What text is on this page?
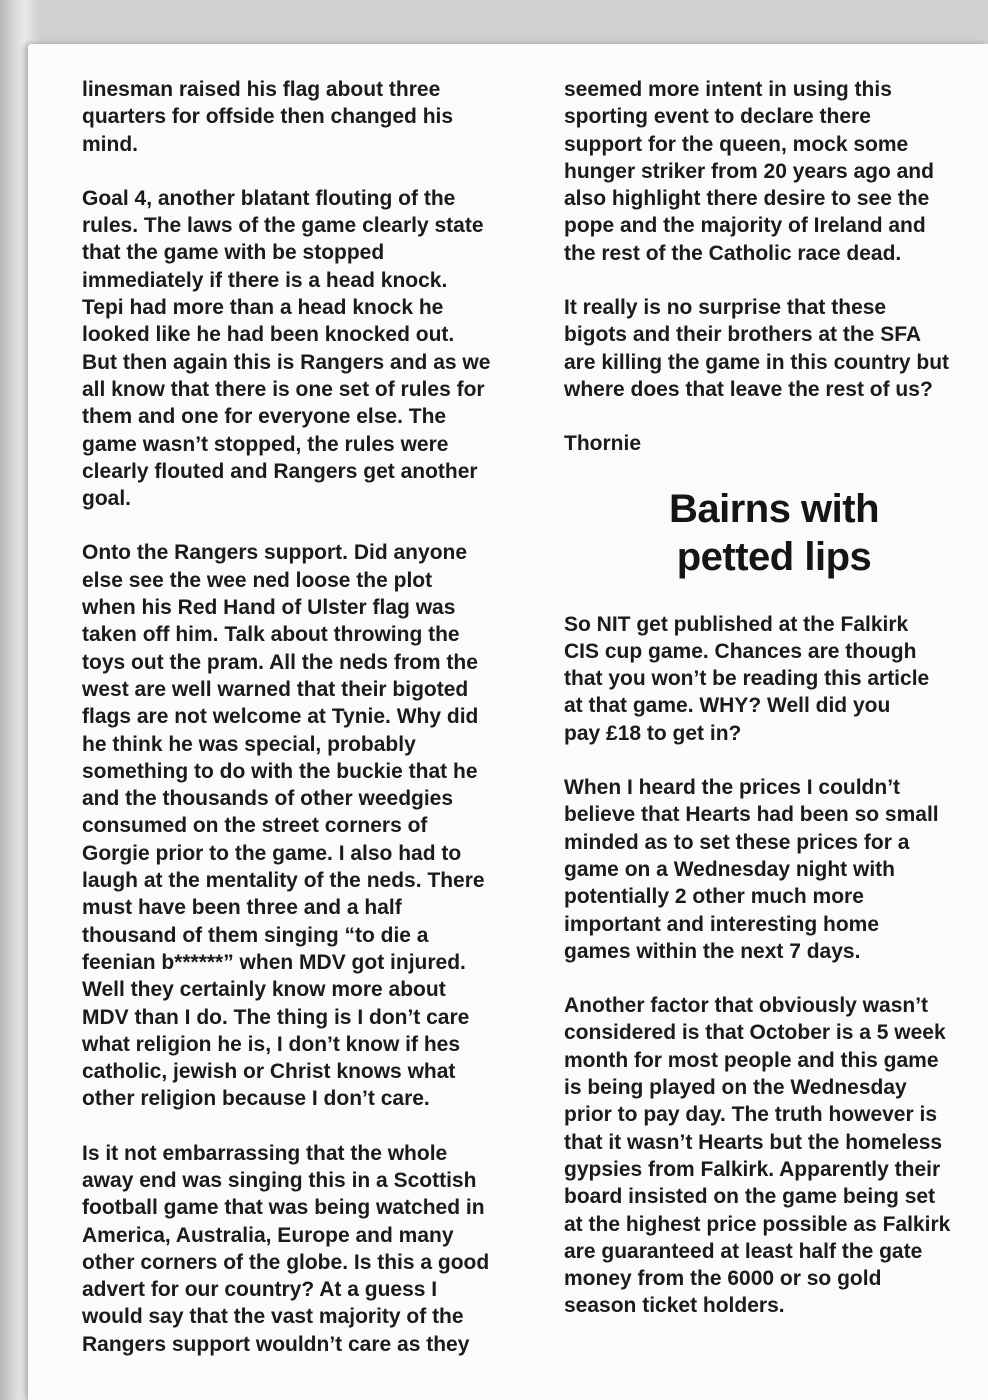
linesman raised his flag about three
quarters for offside then changed his
mind.

Goal 4, another blatant flouting of the
rules. The laws of the game clearly state
that the game with be stopped
immediately if there is a head knock.
Tepi had more than a head knock he
looked like he had been knocked out.
But then again this is Rangers and as we
all know that there is one set of rules for
them and one for everyone else. The
game wasn’t stopped, the rules were
clearly flouted and Rangers get another
goal.

Onto the Rangers support. Did anyone
else see the wee ned loose the plot
when his Red Hand of Ulster flag was
taken off him. Talk about throwing the
toys out the pram. All the neds from the
west are well warned that their bigoted
flags are not welcome at Tynie. Why did
he think he was special, probably
something to do with the buckie that he
and the thousands of other weedgies
consumed on the street corners of
Gorgie prior to the game. I also had to
laugh at the mentality of the neds. There
must have been three and a half
thousand of them singing “to die a
feenian b******” when MDV got injured.
Well they certainly know more about
MDV than I do. The thing is I don’t care
what religion he is, I don’t know if hes
catholic, jewish or Christ knows what
other religion because I don’t care.

Is it not embarrassing that the whole
away end was singing this in a Scottish
football game that was being watched in
America, Australia, Europe and many
other corners of the globe. Is this a good
advert for our country? At a guess I
would say that the vast majority of the
Rangers support wouldn’t care as they

seemed more intent in using this
sporting event to declare there
support for the queen, mock some
hunger striker from 20 years ago and
also highlight there desire to see the
pope and the majority of Ireland and
the rest of the Catholic race dead.

It really is no surprise that these
bigots and their brothers at the SFA
are killing the game in this country but
where does that leave the rest of us?

Thornie

Bairns with
petted lips

So NIT get published at the Falkirk
CIS cup game. Chances are though
that you won’t be reading this article
at that game. WHY? Well did you
pay £18 to get in?

When I heard the prices I couldn’t
believe that Hearts had been so small
minded as to set these prices for a
game on a Wednesday night with
potentially 2 other much more
important and interesting home
games within the next 7 days.

Another factor that obviously wasn’t
considered is that October is a 5 week
month for most people and this game
is being played on the Wednesday
prior to pay day. The truth however is
that it wasn’t Hearts but the homeless
gypsies from Falkirk. Apparently their
board insisted on the game being set
at the highest price possible as Falkirk
are guaranteed at least half the gate
money from the 6000 or so gold
season ticket holders.
